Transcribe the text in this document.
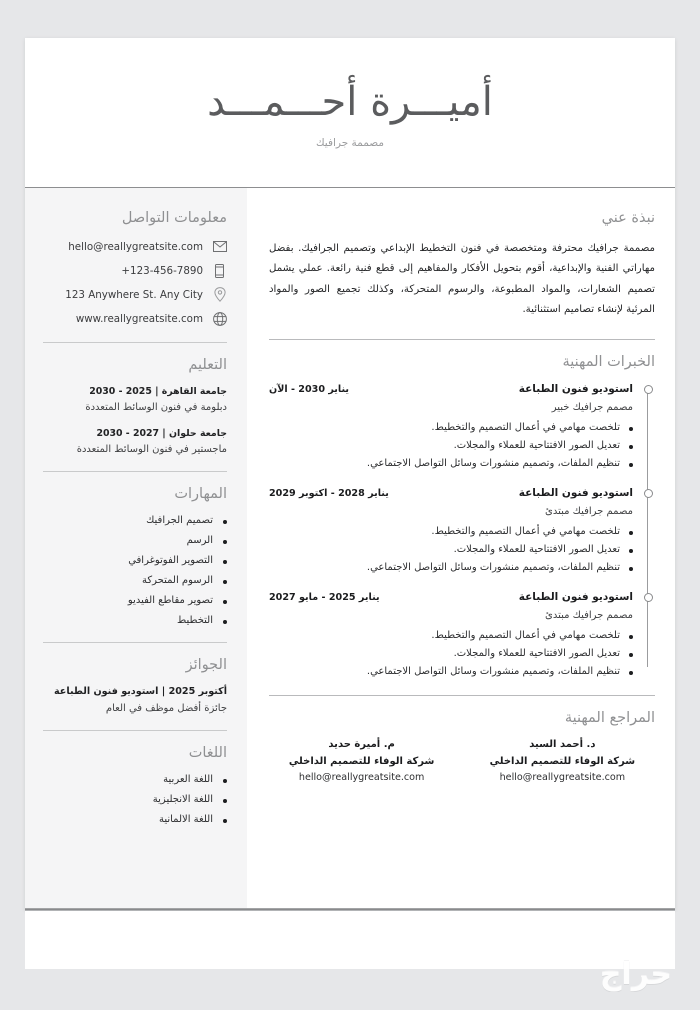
أميـــرة أحـــمـــد
مصممة جرافيك
نبذة عني

مصممة جرافيك محترفة ومتخصصة في فنون التخطيط الإبداعي وتصميم الجرافيك. بفضل مهاراتي الفنية والإبداعية، أقوم بتحويل الأفكار والمفاهيم إلى قطع فنية رائعة. عملي يشمل تصميم الشعارات، والمواد المطبوعة، والرسوم المتحركة، وكذلك تجميع الصور والمواد المرئية لإنشاء تصاميم استثنائية.

الخبرات المهنية
استوديو فنون الطباعة
يناير 2030 - الآن
مصمم جرافيك خبير
تلخصت مهامي في أعمال التصميم والتخطيط.
تعديل الصور الافتتاحية للعملاء والمجلات.
تنظيم الملفات، وتصميم منشورات وسائل التواصل الاجتماعي.
استوديو فنون الطباعة
يناير 2028 - اكتوبر 2029
مصمم جرافيك مبتدئ
تلخصت مهامي في أعمال التصميم والتخطيط.
تعديل الصور الافتتاحية للعملاء والمجلات.
تنظيم الملفات، وتصميم منشورات وسائل التواصل الاجتماعي.
استوديو فنون الطباعة
يناير 2025 - مايو 2027
مصمم جرافيك مبتدئ
تلخصت مهامي في أعمال التصميم والتخطيط.
تعديل الصور الافتتاحية للعملاء والمجلات.
تنظيم الملفات، وتصميم منشورات وسائل التواصل الاجتماعي.
المراجع المهنية
د. أحمد السيد
شركة الوفاء للتصميم الداخلي
hello@reallygreatsite.com
م. أميرة حديد
شركة الوفاء للتصميم الداخلي
hello@reallygreatsite.com
معلومات التواصل
hello@reallygreatsite.com
+123-456-7890
123 Anywhere St. Any City
www.reallygreatsite.com
التعليم
جامعة القاهرة | 2025 - 2030
دبلومة في فنون الوسائط المتعددة
جامعة حلوان | 2027 - 2030
ماجستير في فنون الوسائط المتعددة
المهارات
تصميم الجرافيك
الرسم
التصوير الفوتوغرافي
الرسوم المتحركة
تصوير مقاطع الفيديو
التخطيط
الجوائز
أكتوبر 2025 | استوديو فنون الطباعة
جائزة أفضل موظف في العام
اللغات
اللغة العربية
اللغة الانجليزية
اللغة الالمانية
حراج
